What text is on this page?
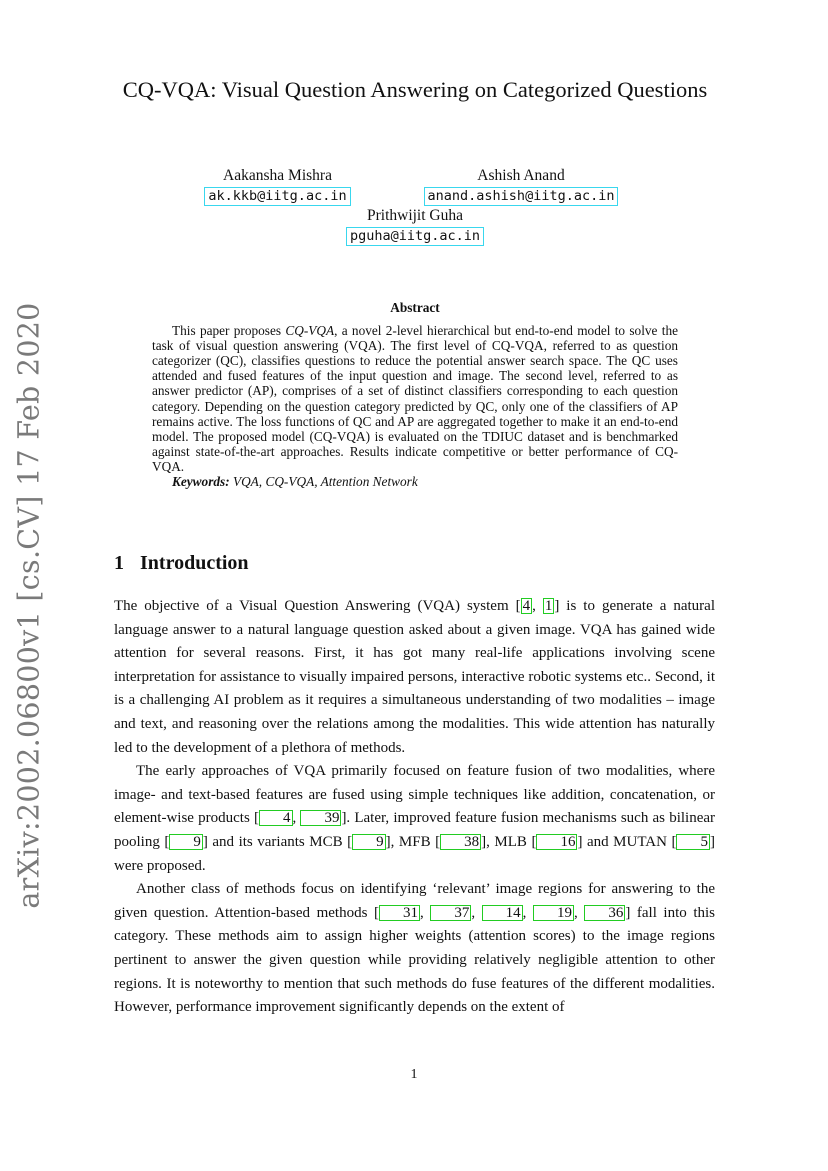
arXiv:2002.06800v1 [cs.CV] 17 Feb 2020
CQ-VQA: Visual Question Answering on Categorized Questions
Aakansha Mishra
ak.kkb@iitg.ac.in
Ashish Anand
anand.ashish@iitg.ac.in
Prithwijit Guha
pguha@iitg.ac.in
Abstract

This paper proposes CQ-VQA, a novel 2-level hierarchical but end-to-end model to solve the task of visual question answering (VQA). The first level of CQ-VQA, referred to as question categorizer (QC), classifies questions to reduce the potential answer search space. The QC uses attended and fused features of the input question and image. The second level, referred to as answer predictor (AP), comprises of a set of distinct classifiers corresponding to each question category. Depending on the question category predicted by QC, only one of the classifiers of AP remains active. The loss functions of QC and AP are aggregated together to make it an end-to-end model. The proposed model (CQ-VQA) is evaluated on the TDIUC dataset and is benchmarked against state-of-the-art approaches. Results indicate competitive or better performance of CQ-VQA.

Keywords: VQA, CQ-VQA, Attention Network

1 Introduction

The objective of a Visual Question Answering (VQA) system [ 4 , 1 ] is to generate a natural language answer to a natural language question asked about a given image. VQA has gained wide attention for several reasons. First, it has got many real-life applications involving scene interpretation for assistance to visually impaired persons, interactive robotic systems etc.. Second, it is a challenging AI problem as it requires a simultaneous understanding of two modalities – image and text, and reasoning over the relations among the modalities. This wide attention has naturally led to the development of a plethora of methods.

The early approaches of VQA primarily focused on feature fusion of two modalities, where image- and text-based features are fused using simple techniques like addition, concatenation, or element-wise products [ 4 , 39 ]. Later, improved feature fusion mechanisms such as bilinear pooling [ 9 ] and its variants MCB [ 9 ], MFB [ 38 ], MLB [ 16 ] and MUTAN [ 5 ] were proposed.

Another class of methods focus on identifying ‘relevant’ image regions for answering to the given question. Attention-based methods [ 31 , 37 , 14 , 19 , 36 ] fall into this category. These methods aim to assign higher weights (attention scores) to the image regions pertinent to answer the given question while providing relatively negligible attention to other regions. It is noteworthy to mention that such methods do fuse features of the different modalities. However, performance improvement significantly depends on the extent of

1
